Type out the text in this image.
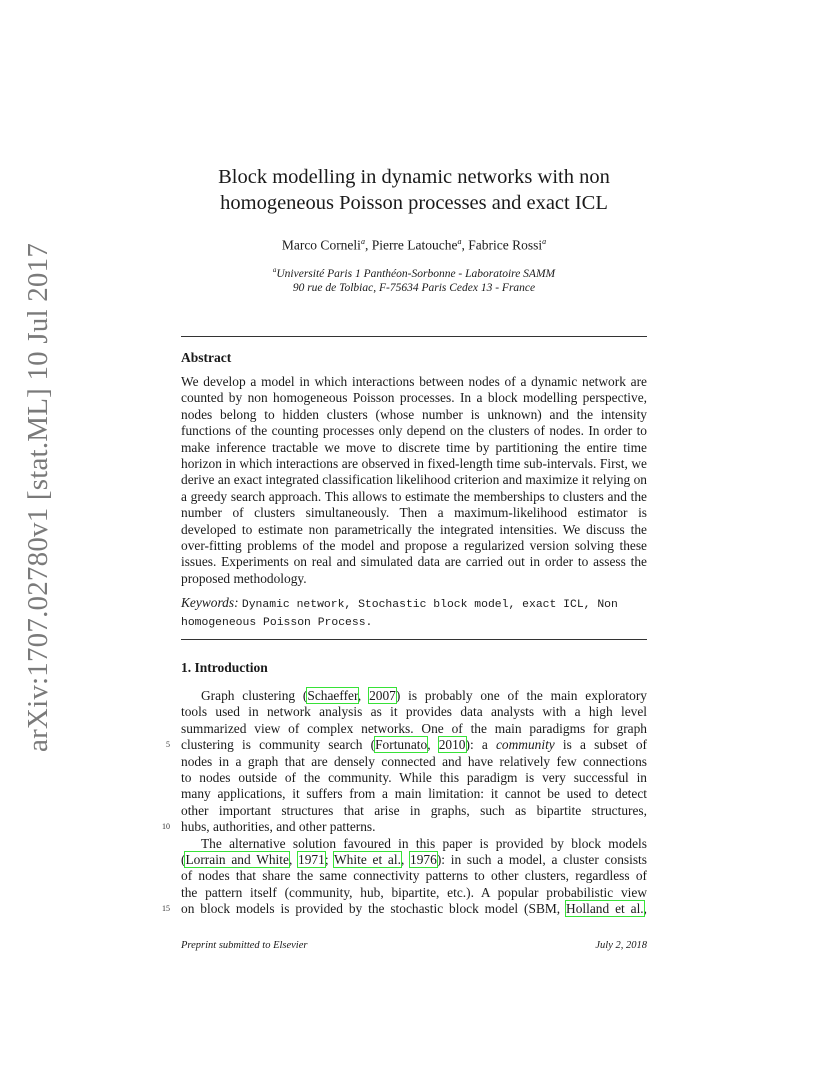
arXiv:1707.02780v1 [stat.ML] 10 Jul 2017
Block modelling in dynamic networks with non
homogeneous Poisson processes and exact ICL
Marco Corneli$^a$, Pierre Latouche$^a$, Fabrice Rossi$^a$
$^a$Université Paris 1 Panthéon-Sorbonne - Laboratoire SAMM
90 rue de Tolbiac, F-75634 Paris Cedex 13 - France
Abstract
We develop a model in which interactions between nodes of a dynamic network are counted by non homogeneous Poisson processes. In a block modelling perspective, nodes belong to hidden clusters (whose number is unknown) and the intensity functions of the counting processes only depend on the clusters of nodes. In order to make inference tractable we move to discrete time by partitioning the entire time horizon in which interactions are observed in fixed-length time sub-intervals. First, we derive an exact integrated classification likelihood criterion and maximize it relying on a greedy search approach. This allows to estimate the memberships to clusters and the number of clusters simultaneously. Then a maximum-likelihood estimator is developed to estimate non parametrically the integrated intensities. We discuss the over-fitting problems of the model and propose a regularized version solving these issues. Experiments on real and simulated data are carried out in order to assess the proposed methodology.
Keywords: Dynamic network, Stochastic block model, exact ICL, Non homogeneous Poisson Process.
1. Introduction
Graph clustering (Schaeffer, 2007) is probably one of the main exploratory
tools used in network analysis as it provides data analysts with a high level
summarized view of complex networks. One of the main paradigms for graph
clustering is community search (Fortunato, 2010): a community is a subset of
5
nodes in a graph that are densely connected and have relatively few connections
to nodes outside of the community. While this paradigm is very successful in
many applications, it suffers from a main limitation: it cannot be used to detect
other important structures that arise in graphs, such as bipartite structures,
hubs, authorities, and other patterns.
10
The alternative solution favoured in this paper is provided by block models
(Lorrain and White, 1971; White et al., 1976): in such a model, a cluster consists
of nodes that share the same connectivity patterns to other clusters, regardless of
the pattern itself (community, hub, bipartite, etc.). A popular probabilistic view
on block models is provided by the stochastic block model (SBM, Holland et al.,
15
Preprint submitted to Elsevier	July 2, 2018
